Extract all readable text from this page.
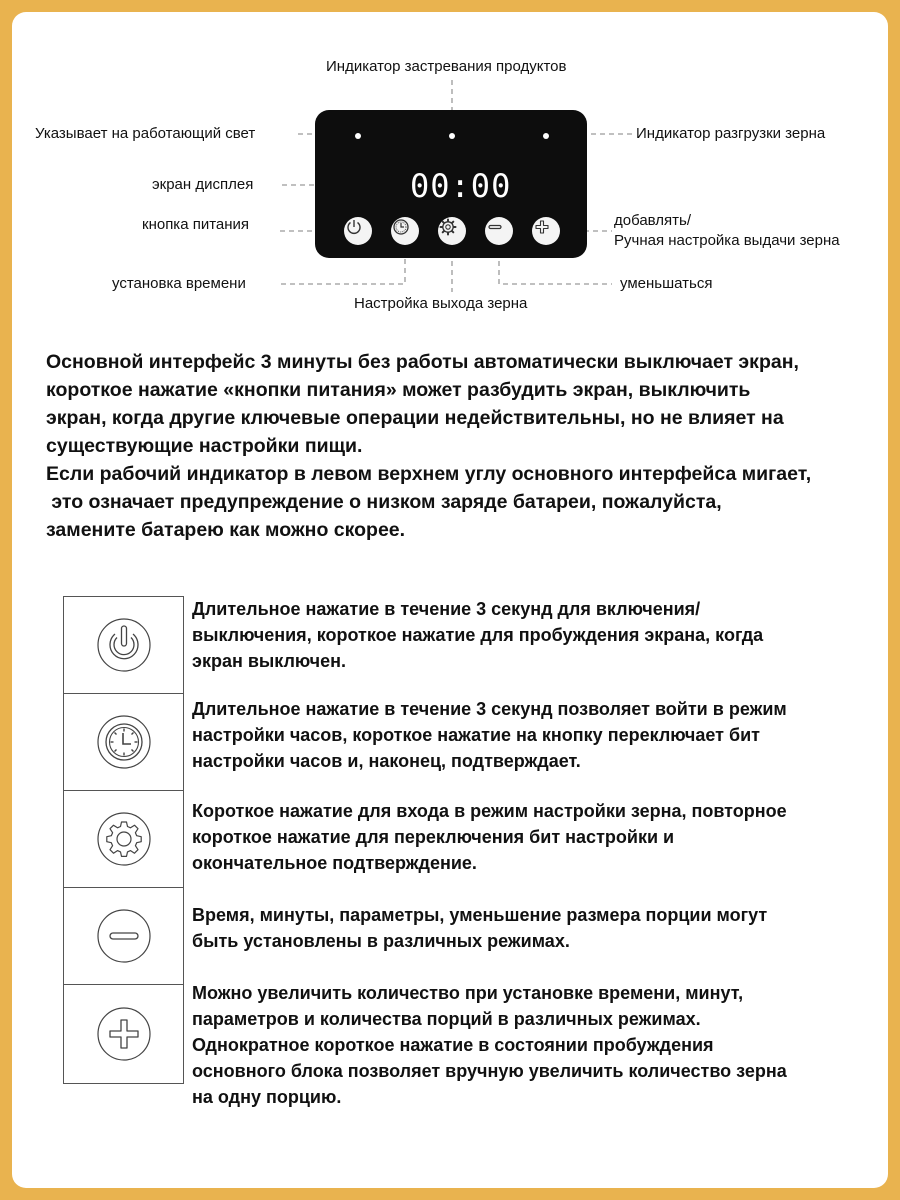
Индикатор застревания продуктов
Указывает на работающий свет	Индикатор разгрузки зерна
экран дисплея
кнопка питания	добавлять/
Ручная настройка выдачи зерна
установка времени	уменьшаться
Настройка выхода зерна
00:00
Основной интерфейс 3 минуты без работы автоматически выключает экран,
короткое нажатие «кнопки питания» может разбудить экран, выключить
экран, когда другие ключевые операции недействительны, но не влияет на
существующие настройки пищи.
Если рабочий индикатор в левом верхнем углу основного интерфейса мигает,
это означает предупреждение о низком заряде батареи, пожалуйста,
замените батарею как можно скорее.
Длительное нажатие в течение 3 секунд для включения/
выключения, короткое нажатие для пробуждения экрана, когда
экран выключен.
Длительное нажатие в течение 3 секунд позволяет войти в режим
настройки часов, короткое нажатие на кнопку переключает бит
настройки часов и, наконец, подтверждает.
Короткое нажатие для входа в режим настройки зерна, повторное
короткое нажатие для переключения бит настройки и
окончательное подтверждение.
Время, минуты, параметры, уменьшение размера порции могут
быть установлены в различных режимах.
Можно увеличить количество при установке времени, минут,
параметров и количества порций в различных режимах.
Однократное короткое нажатие в состоянии пробуждения
основного блока позволяет вручную увеличить количество зерна
на одну порцию.
